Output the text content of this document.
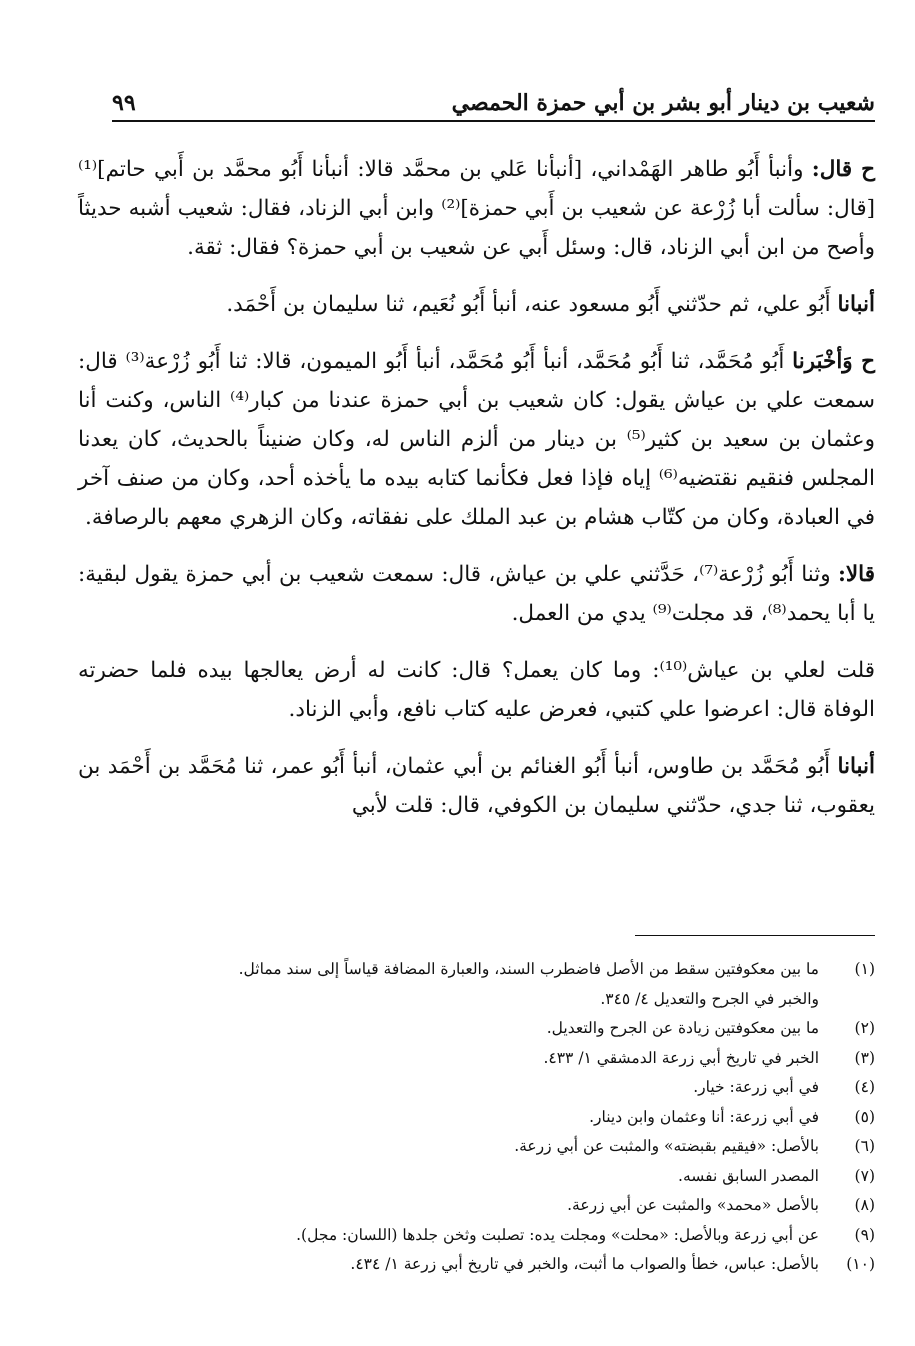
شعيب بن دينار أبو بشر بن أبي حمزة الحمصي
٩٩

ح قال: وأنبأ أَبُو طاهر الهَمْداني، [أنبأنا عَلي بن محمَّد قالا: أنبأنا أَبُو محمَّد بن أَبي حاتم]⁽¹⁾ [قال: سألت أبا زُرْعة عن شعيب بن أَبي حمزة]⁽²⁾ وابن أبي الزناد، فقال: شعيب أشبه حديثاً وأصح من ابن أبي الزناد، قال: وسئل أَبي عن شعيب بن أبي حمزة؟ فقال: ثقة.

أنبانا أَبُو علي، ثم حدّثني أَبُو مسعود عنه، أنبأ أَبُو نُعَيم، ثنا سليمان بن أَحْمَد.

ح وَأخْبَرنا أَبُو مُحَمَّد، ثنا أَبُو مُحَمَّد، أنبأ أَبُو مُحَمَّد، أنبأ أَبُو الميمون، قالا: ثنا أَبُو زُرْعة⁽³⁾ قال: سمعت علي بن عياش يقول: كان شعيب بن أبي حمزة عندنا من كبار⁽⁴⁾ الناس، وكنت أنا وعثمان بن سعيد بن كثير⁽⁵⁾ بن دينار من ألزم الناس له، وكان ضنيناً بالحديث، كان يعدنا المجلس فنقيم نقتضيه⁽⁶⁾ إياه فإذا فعل فكأنما كتابه بيده ما يأخذه أحد، وكان من صنف آخر في العبادة، وكان من كتّاب هشام بن عبد الملك على نفقاته، وكان الزهري معهم بالرصافة.

قالا: وثنا أَبُو زُرْعة⁽⁷⁾، حَدَّثني علي بن عياش، قال: سمعت شعيب بن أبي حمزة يقول لبقية: يا أبا يحمد⁽⁸⁾، قد مجلت⁽⁹⁾ يدي من العمل.

قلت لعلي بن عياش⁽¹⁰⁾: وما كان يعمل؟ قال: كانت له أرض يعالجها بيده فلما حضرته الوفاة قال: اعرضوا علي كتبي، فعرض عليه كتاب نافع، وأبي الزناد.

أنبانا أَبُو مُحَمَّد بن طاوس، أنبأ أَبُو الغنائم بن أبي عثمان، أنبأ أَبُو عمر، ثنا مُحَمَّد بن أَحْمَد بن يعقوب، ثنا جدي، حدّثني سليمان بن الكوفي، قال: قلت لأبي

(١)
ما بين معكوفتين سقط من الأصل فاضطرب السند، والعبارة المضافة قياساً إلى سند مماثل.
والخبر في الجرح والتعديل ٤/ ٣٤٥.
(٢)
ما بين معكوفتين زيادة عن الجرح والتعديل.
(٣)
الخبر في تاريخ أبي زرعة الدمشقي ١/ ٤٣٣.
(٤)
في أبي زرعة: خيار.
(٥)
في أبي زرعة: أنا وعثمان وابن دينار.
(٦)
بالأصل: «فيقيم بقبضته» والمثبت عن أبي زرعة.
(٧)
المصدر السابق نفسه.
(٨)
بالأصل «محمد» والمثبت عن أبي زرعة.
(٩)
عن أبي زرعة وبالأصل: «محلت» ومجلت يده: تصلبت وثخن جلدها (اللسان: مجل).
(١٠)
بالأصل: عباس، خطأ والصواب ما أثبت، والخبر في تاريخ أبي زرعة ١/ ٤٣٤.
